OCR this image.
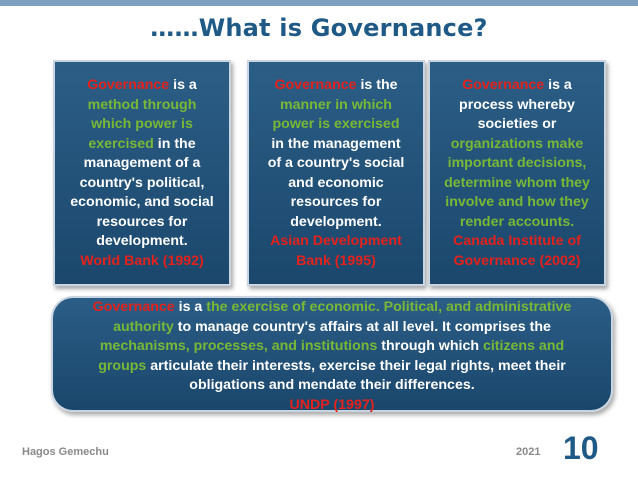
……What is Governance?
Governance is a
method through
which power is
exercised in the
management of a
country's political,
economic, and social
resources for
development.
World Bank (1992)
Governance is the
manner in which
power is exercised
in the management
of a country's social
and economic
resources for
development.
Asian Development
Bank (1995)
Governance is a
process whereby
societies or
organizations make
important decisions,
determine whom they
involve and how they
render accounts.
Canada Institute of
Governance (2002)
Governance is a the exercise of economic. Political, and administrative
authority to manage country's affairs at all level. It comprises the
mechanisms, processes, and institutions through which citizens and
groups articulate their interests, exercise their legal rights, meet their
obligations and mendate their differences.
UNDP (1997)
Hagos Gemechu	2021 10
